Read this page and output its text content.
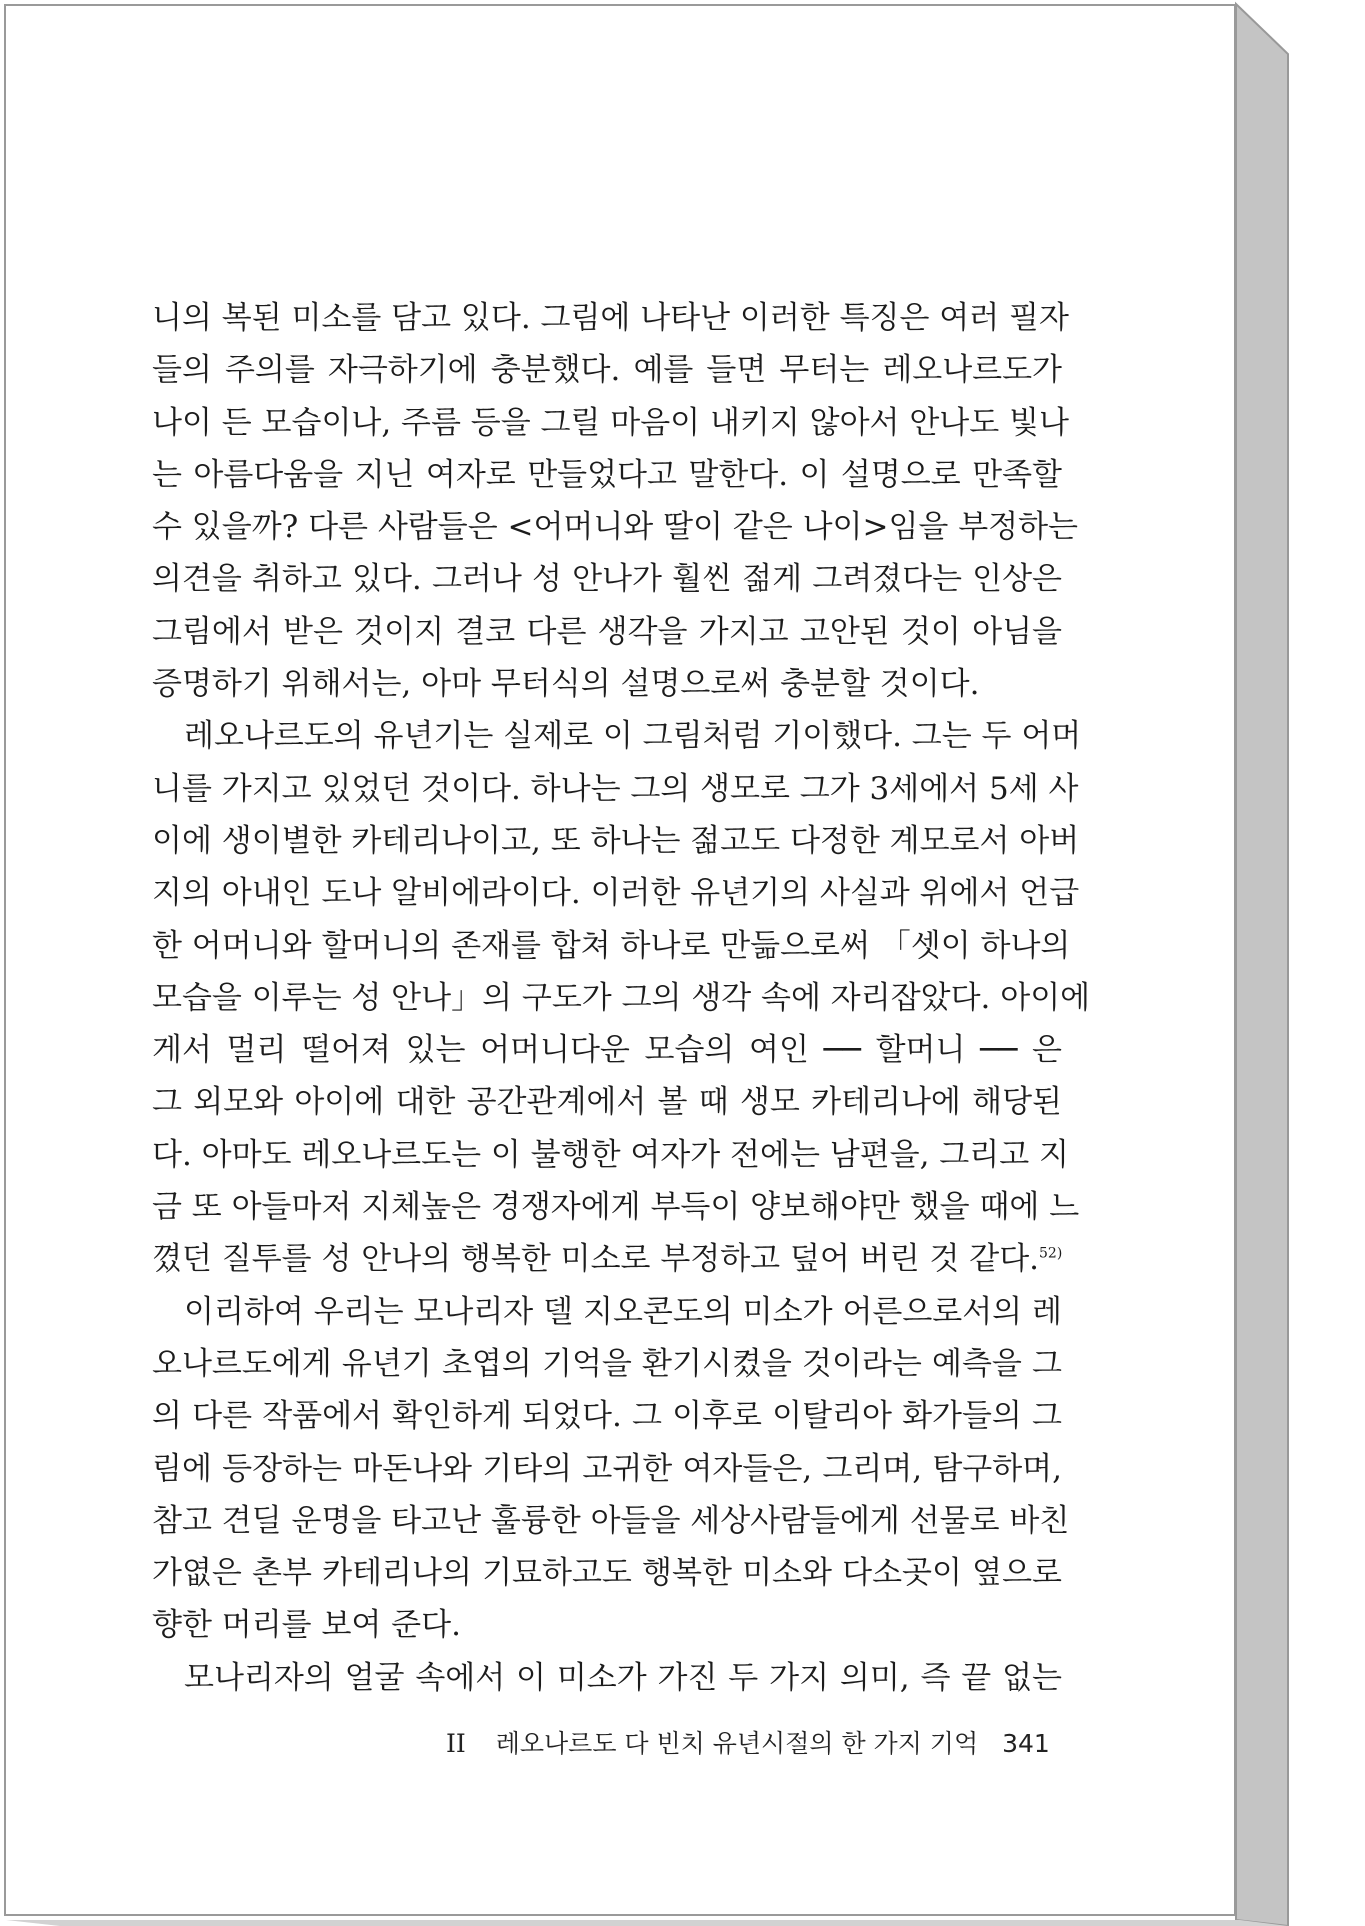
니의 복된 미소를 담고 있다. 그림에 나타난 이러한 특징은 여러 필자
들의 주의를 자극하기에 충분했다. 예를 들면 무터는 레오나르도가
나이 든 모습이나, 주름 등을 그릴 마음이 내키지 않아서 안나도 빛나
는 아름다움을 지닌 여자로 만들었다고 말한다. 이 설명으로 만족할
수 있을까? 다른 사람들은 <어머니와 딸이 같은 나이>임을 부정하는
의견을 취하고 있다. 그러나 성 안나가 훨씬 젊게 그려졌다는 인상은
그림에서 받은 것이지 결코 다른 생각을 가지고 고안된 것이 아님을
증명하기 위해서는, 아마 무터식의 설명으로써 충분할 것이다.
레오나르도의 유년기는 실제로 이 그림처럼 기이했다. 그는 두 어머
니를 가지고 있었던 것이다. 하나는 그의 생모로 그가 3세에서 5세 사
이에 생이별한 카테리나이고, 또 하나는 젊고도 다정한 계모로서 아버
지의 아내인 도나 알비에라이다. 이러한 유년기의 사실과 위에서 언급
한 어머니와 할머니의 존재를 합쳐 하나로 만듦으로써 「셋이 하나의
모습을 이루는 성 안나」의 구도가 그의 생각 속에 자리잡았다. 아이에
게서 멀리 떨어져 있는 어머니다운 모습의 여인 ── 할머니 ── 은
그 외모와 아이에 대한 공간관계에서 볼 때 생모 카테리나에 해당된
다. 아마도 레오나르도는 이 불행한 여자가 전에는 남편을, 그리고 지
금 또 아들마저 지체높은 경쟁자에게 부득이 양보해야만 했을 때에 느
꼈던 질투를 성 안나의 행복한 미소로 부정하고 덮어 버린 것 같다.$^{52)}$
이리하여 우리는 모나리자 델 지오콘도의 미소가 어른으로서의 레
오나르도에게 유년기 초엽의 기억을 환기시켰을 것이라는 예측을 그
의 다른 작품에서 확인하게 되었다. 그 이후로 이탈리아 화가들의 그
림에 등장하는 마돈나와 기타의 고귀한 여자들은, 그리며, 탐구하며,
참고 견딜 운명을 타고난 훌륭한 아들을 세상사람들에게 선물로 바친
가엾은 촌부 카테리나의 기묘하고도 행복한 미소와 다소곳이 옆으로
향한 머리를 보여 준다.
모나리자의 얼굴 속에서 이 미소가 가진 두 가지 의미, 즉 끝 없는
II 레오나르도 다 빈치 유년시절의 한 가지 기억 341
